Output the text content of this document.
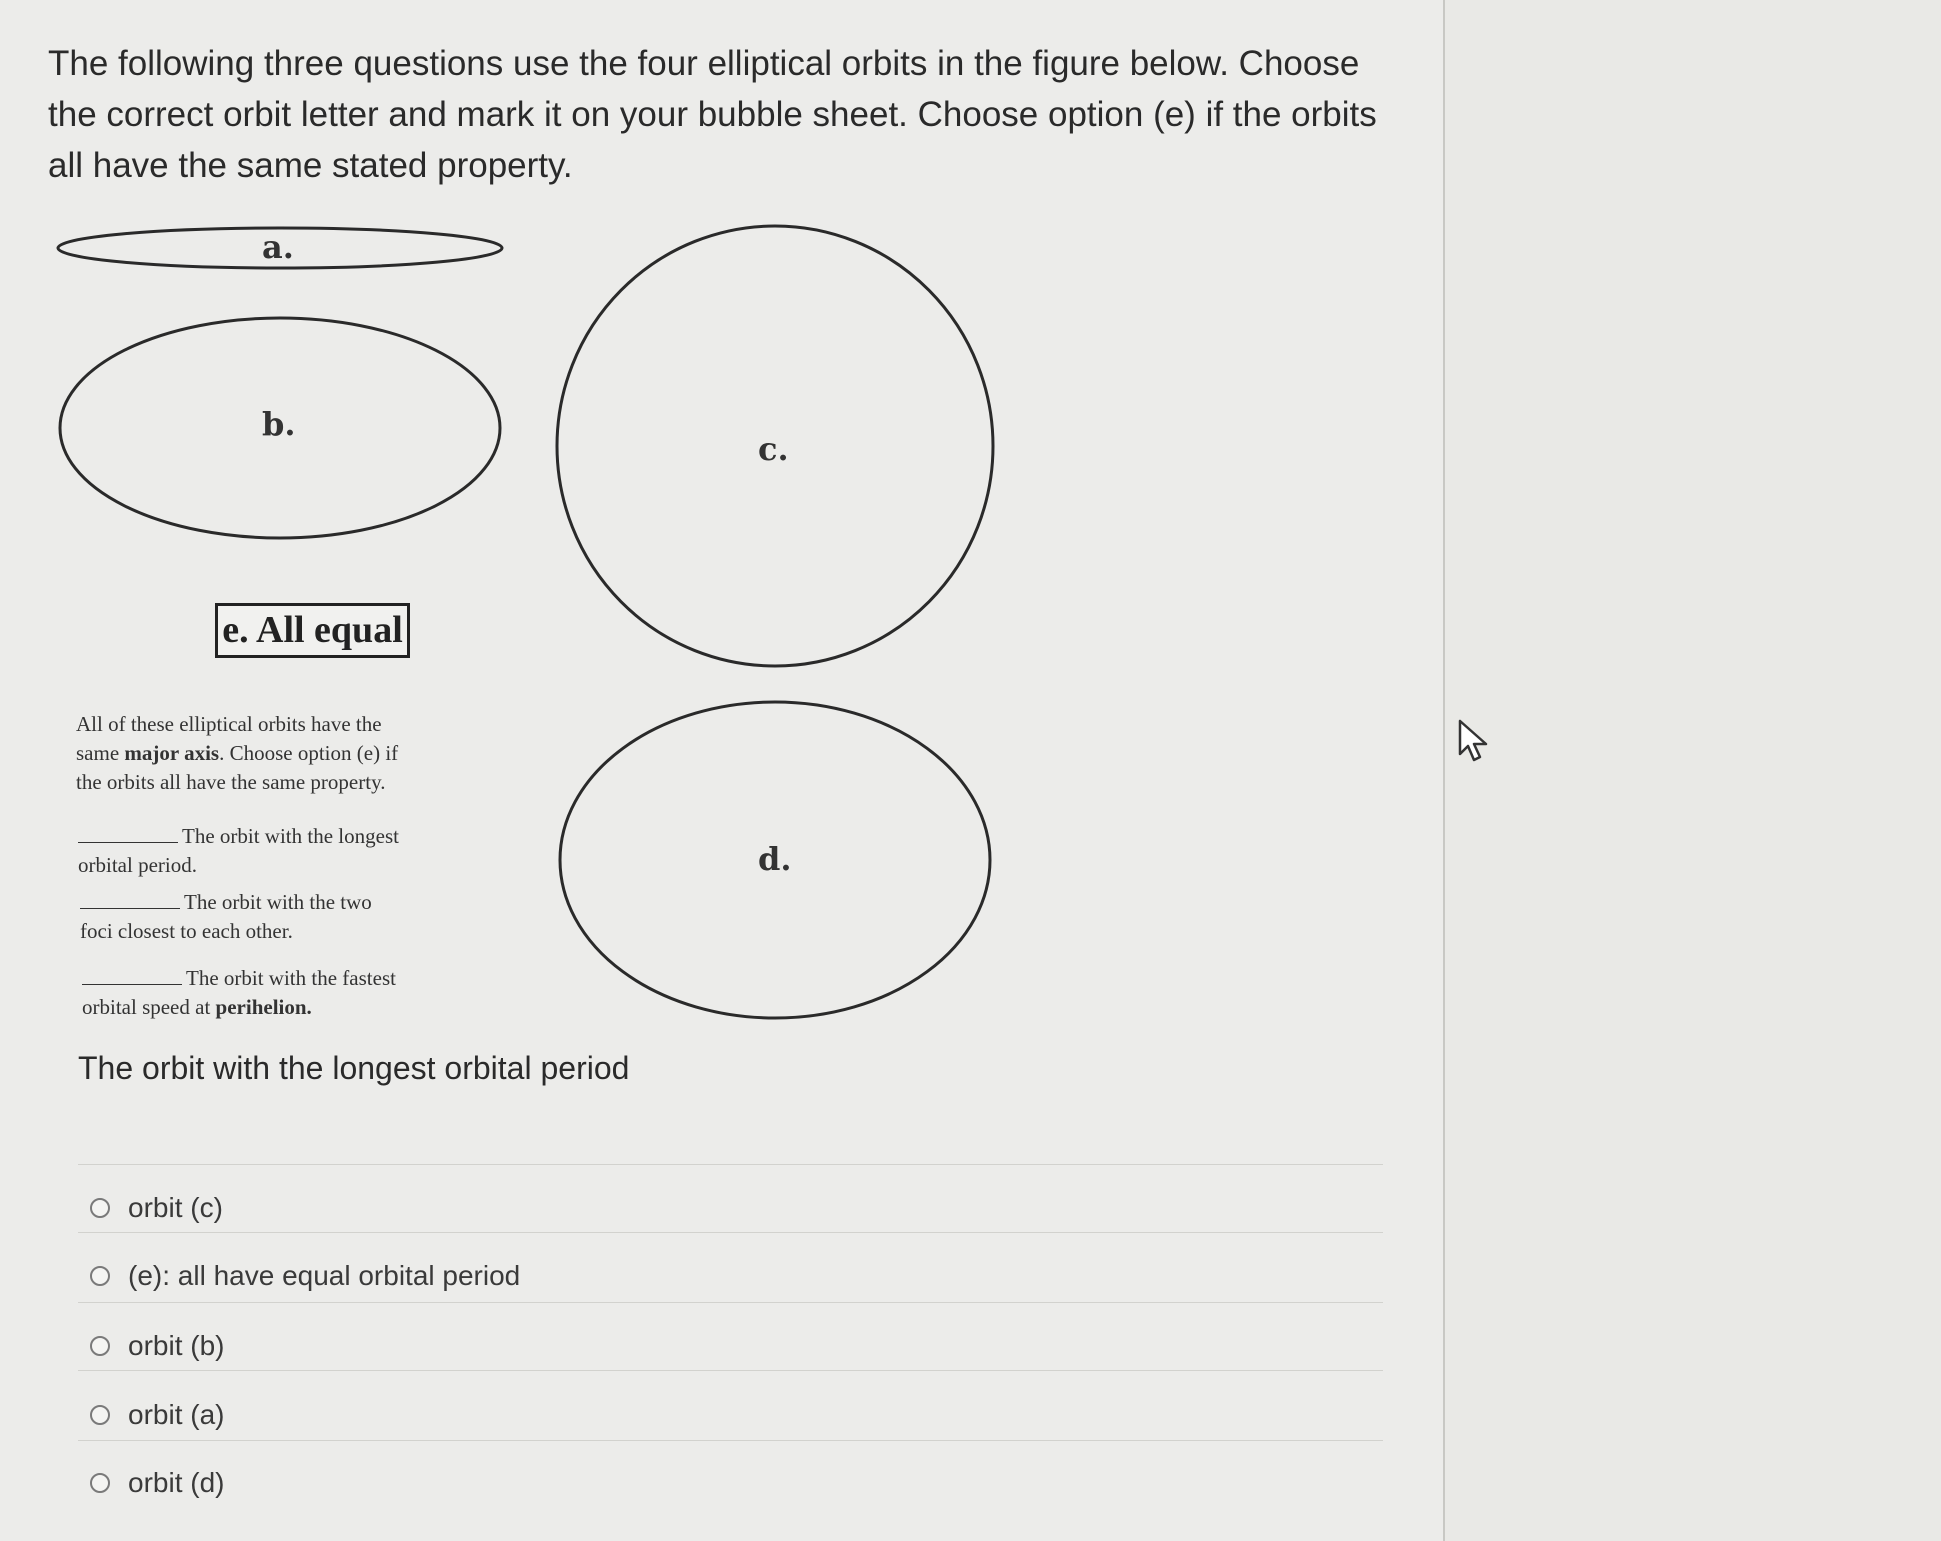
The following three questions use the four elliptical orbits in the figure below. Choose the correct orbit letter and mark it on your bubble sheet. Choose option (e) if the orbits all have the same stated property.
a.
b.
c.
d.
e. All equal
All of these elliptical orbits have the
same major axis. Choose option (e) if
the orbits all have the same property.
The orbit with the longest
orbital period.
The orbit with the two
foci closest to each other.
The orbit with the fastest
orbital speed at perihelion.
The orbit with the longest orbital period
orbit (c)
(e): all have equal orbital period
orbit (b)
orbit (a)
orbit (d)
